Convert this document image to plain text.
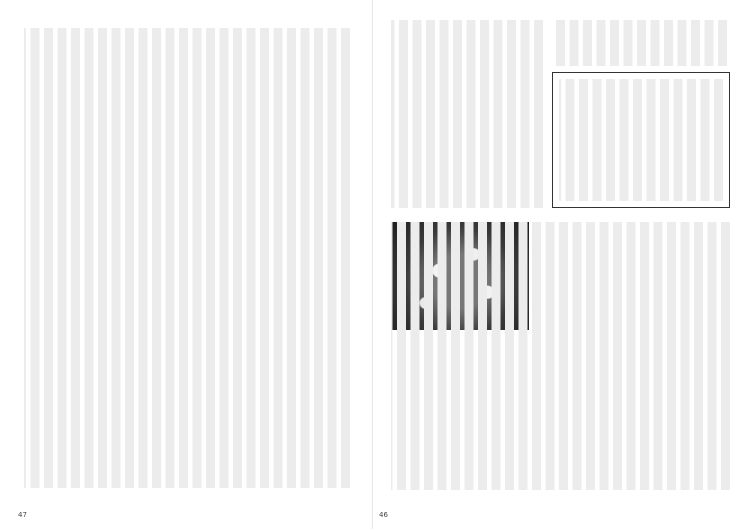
47	46
